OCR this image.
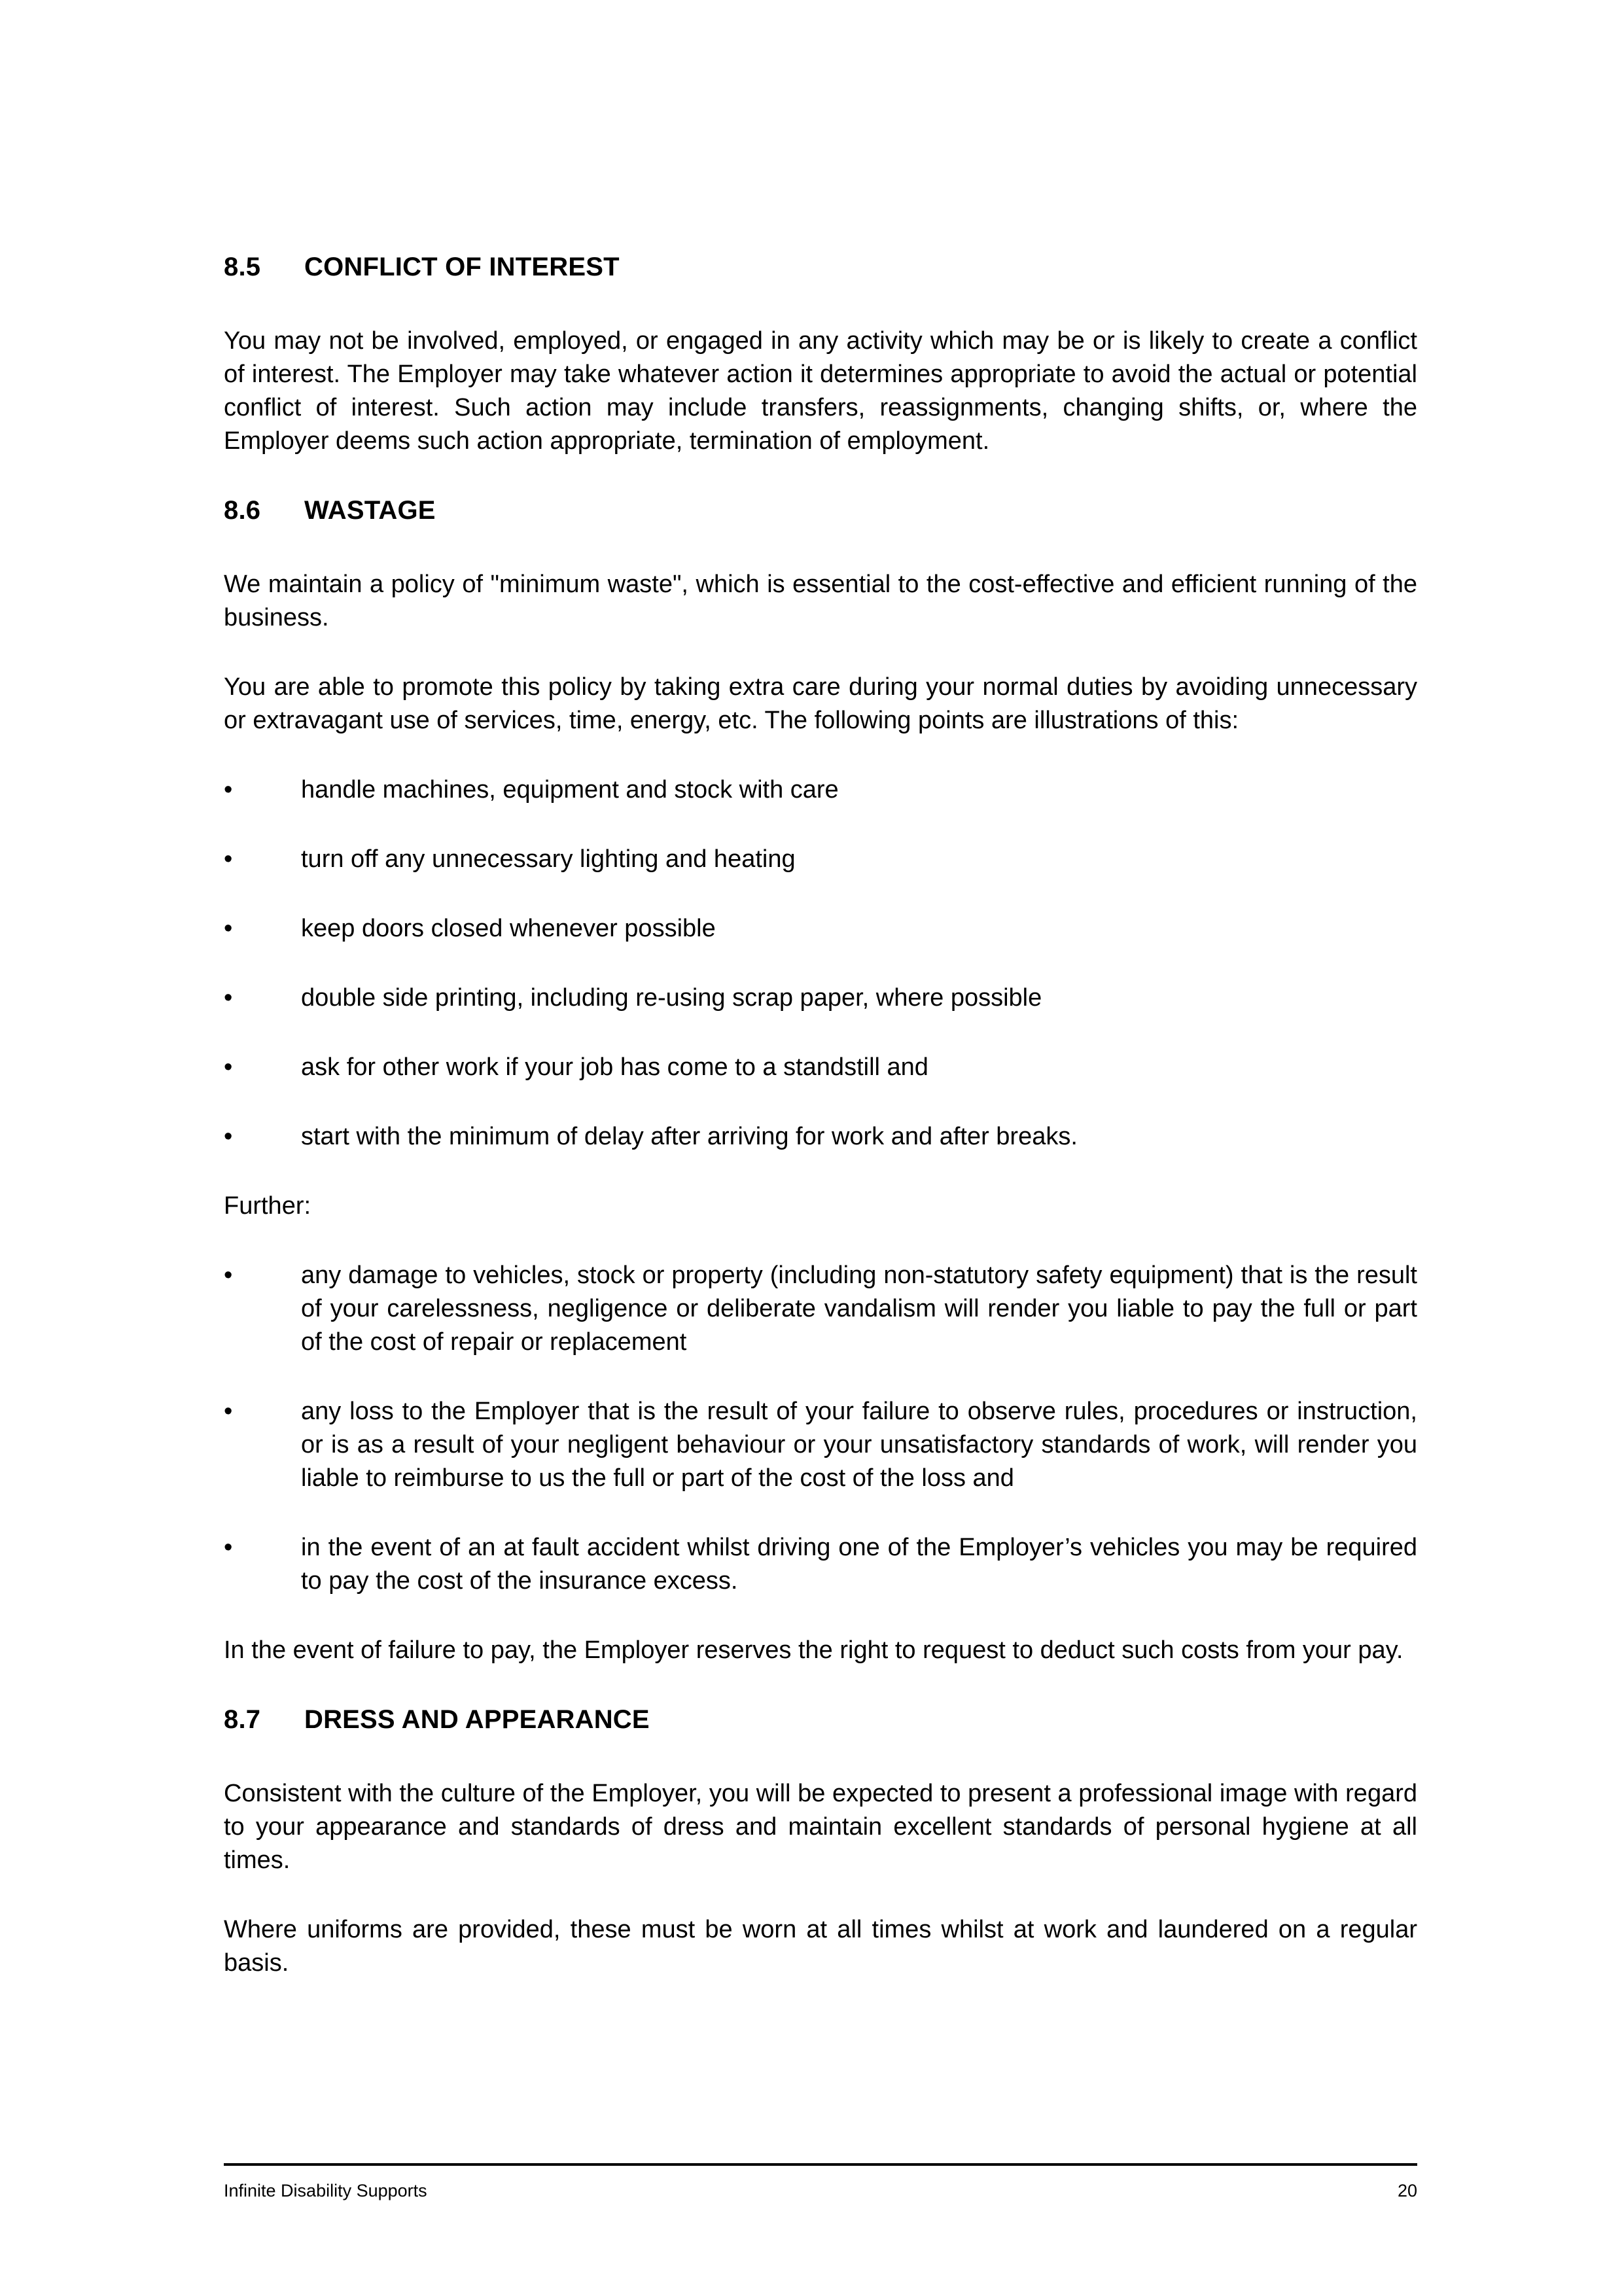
8.5	CONFLICT OF INTEREST

You may not be involved, employed, or engaged in any activity which may be or is likely to create a conflict of interest. The Employer may take whatever action it determines appropriate to avoid the actual or potential conflict of interest. Such action may include transfers, reassignments, changing shifts, or, where the Employer deems such action appropriate, termination of employment.

8.6	WASTAGE

We maintain a policy of "minimum waste", which is essential to the cost-effective and efficient running of the business.

You are able to promote this policy by taking extra care during your normal duties by avoiding unnecessary or extravagant use of services, time, energy, etc. The following points are illustrations of this:

•	handle machines, equipment and stock with care
•	turn off any unnecessary lighting and heating
•	keep doors closed whenever possible
•	double side printing, including re-using scrap paper, where possible
•	ask for other work if your job has come to a standstill and
•	start with the minimum of delay after arriving for work and after breaks.

Further:

•	any damage to vehicles, stock or property (including non-statutory safety equipment) that is the result of your carelessness, negligence or deliberate vandalism will render you liable to pay the full or part of the cost of repair or replacement
•	any loss to the Employer that is the result of your failure to observe rules, procedures or instruction, or is as a result of your negligent behaviour or your unsatisfactory standards of work, will render you liable to reimburse to us the full or part of the cost of the loss and
•	in the event of an at fault accident whilst driving one of the Employer’s vehicles you may be required to pay the cost of the insurance excess.

In the event of failure to pay, the Employer reserves the right to request to deduct such costs from your pay.

8.7	DRESS AND APPEARANCE

Consistent with the culture of the Employer, you will be expected to present a professional image with regard to your appearance and standards of dress and maintain excellent standards of personal hygiene at all times.

Where uniforms are provided, these must be worn at all times whilst at work and laundered on a regular basis.

Infinite Disability Supports	20
